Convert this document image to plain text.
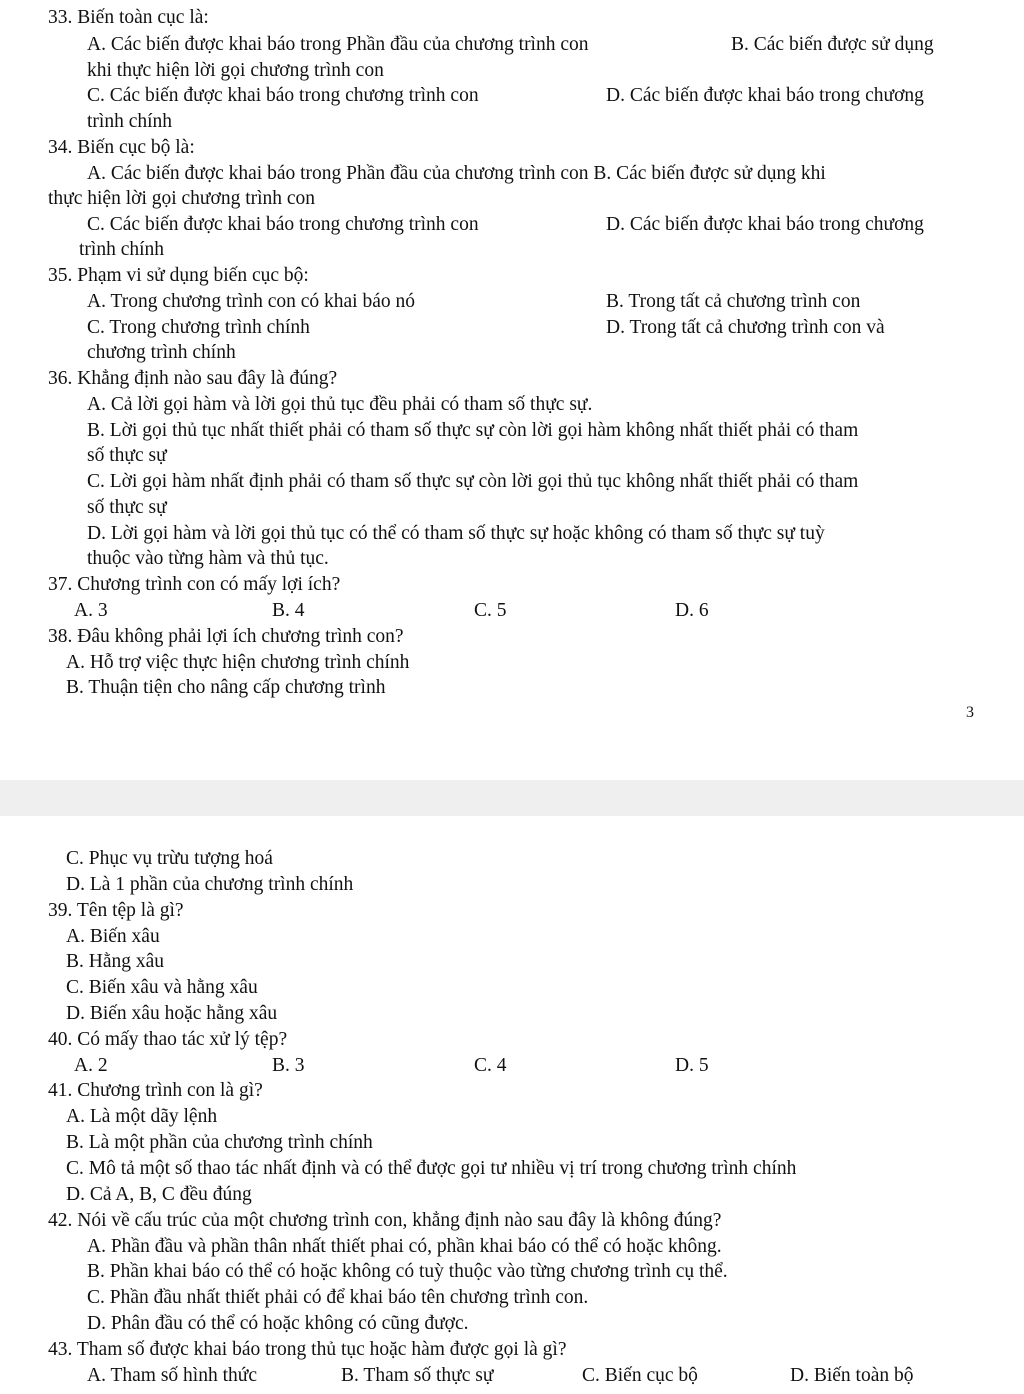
33. Biến toàn cục là:
A. Các biến được khai báo trong Phần đầu của chương trình con	B. Các biến được sử dụng
khi thực hiện lời gọi chương trình con
C. Các biến được khai báo trong chương trình con	D. Các biến được khai báo trong chương
trình chính
34. Biến cục bộ là:
A. Các biến được khai báo trong Phần đầu của chương trình con B. Các biến được sử dụng khi
thực hiện lời gọi chương trình con
C. Các biến được khai báo trong chương trình con	D. Các biến được khai báo trong chương
trình chính
35. Phạm vi sử dụng biến cục bộ:
A. Trong chương trình con có khai báo nó	B. Trong tất cả chương trình con
C. Trong chương trình chính	D. Trong tất cả chương trình con và
chương trình chính
36. Khẳng định nào sau đây là đúng?
A. Cả lời gọi hàm và lời gọi thủ tục đều phải có tham số thực sự.
B. Lời gọi thủ tục nhất thiết phải có tham số thực sự còn lời gọi hàm không nhất thiết phải có tham
số thực sự
C. Lời gọi hàm nhất định phải có tham số thực sự còn lời gọi thủ tục không nhất thiết phải có tham
số thực sự
D. Lời gọi hàm và lời gọi thủ tục có thể có tham số thực sự hoặc không có tham số thực sự tuỳ
thuộc vào từng hàm và thủ tục.
37. Chương trình con có mấy lợi ích?
A. 3	B. 4	C. 5	D. 6
38. Đâu không phải lợi ích chương trình con?
A. Hỗ trợ việc thực hiện chương trình chính
B. Thuận tiện cho nâng cấp chương trình
3
C. Phục vụ trừu tượng hoá
D. Là 1 phần của chương trình chính
39. Tên tệp là gì?
A. Biến xâu
B. Hằng xâu
C. Biến xâu và hằng xâu
D. Biến xâu hoặc hằng xâu
40. Có mấy thao tác xử lý tệp?
A. 2	B. 3	C. 4	D. 5
41. Chương trình con là gì?
A. Là một dãy lệnh
B. Là một phần của chương trình chính
C. Mô tả một số thao tác nhất định và có thể được gọi tư nhiều vị trí trong chương trình chính
D. Cả A, B, C đều đúng
42. Nói về cấu trúc của một chương trình con, khẳng định nào sau đây là không đúng?
A. Phần đầu và phần thân nhất thiết phai có, phần khai báo có thể có hoặc không.
B. Phần khai báo có thể có hoặc không có tuỳ thuộc vào từng chương trình cụ thể.
C. Phần đầu nhất thiết phải có để khai báo tên chương trình con.
D. Phân đầu có thể có hoặc không có cũng được.
43. Tham số được khai báo trong thủ tục hoặc hàm được gọi là gì?
A. Tham số hình thức	B. Tham số thực sự	C. Biến cục bộ	D. Biến toàn bộ
